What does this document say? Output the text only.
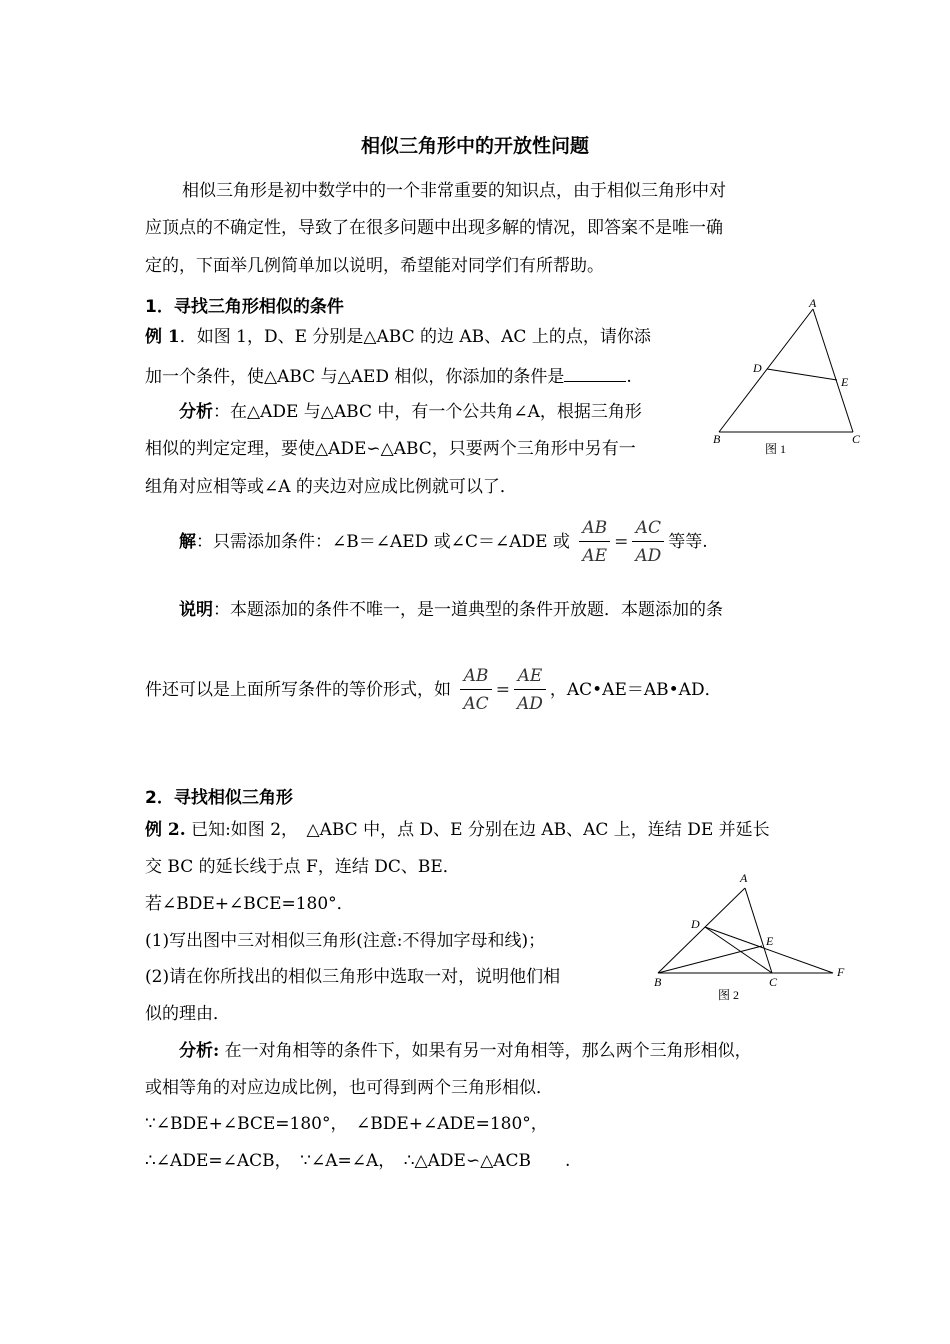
相似三角形中的开放性问题
相似三角形是初中数学中的一个非常重要的知识点，由于相似三角形中对
应顶点的不确定性，导致了在很多问题中出现多解的情况，即答案不是唯一确
定的，下面举几例简单加以说明，希望能对同学们有所帮助。
1．寻找三角形相似的条件
例 1．如图 1，D、E 分别是△ABC 的边 AB、AC 上的点，请你添
加一个条件，使△ABC 与△AED 相似，你添加的条件是	.
分析：在△ADE 与△ABC 中，有一个公共角∠A，根据三角形
相似的判定定理，要使△ADE∽△ABC，只要两个三角形中另有一
组角对应相等或∠A 的夹边对应成比例就可以了．
解：只需添加条件：∠B＝∠AED 或∠C＝∠ADE 或 $\frac{AB}{AE} = \frac{AC}{AD}$ 等等.
说明：本题添加的条件不唯一，是一道典型的条件开放题．本题添加的条
件还可以是上面所写条件的等价形式，如 $\frac{AB}{AC} = \frac{AE}{AD}$ ，AC•AE＝AB•AD．
A
D
E
B	C
图 1
2．寻找相似三角形
例 2. 已知:如图 2，　△ABC 中，点 D、E 分别在边 AB、AC 上，连结 DE 并延长
交 BC 的延长线于点 F，连结 DC、BE．
若∠BDE+∠BCE=180°．
(1)写出图中三对相似三角形(注意:不得加字母和线)；
(2)请在你所找出的相似三角形中选取一对，说明他们相
似的理由．
分析: 在一对角相等的条件下，如果有另一对角相等，那么两个三角形相似，
或相等角的对应边成比例，也可得到两个三角形相似．
∵∠BDE+∠BCE=180°，　∠BDE+∠ADE=180°，
∴∠ADE=∠ACB，　∵∠A=∠A，　∴△ADE∽△ACB　　.
A
D
E
B	C
F
图 2
